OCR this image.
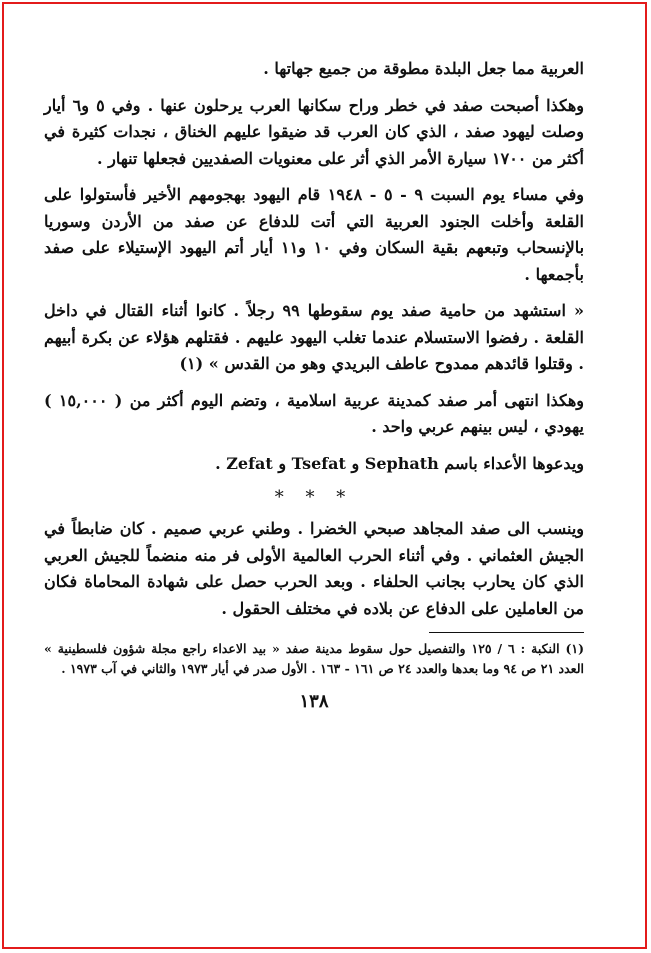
العربية مما جعل البلدة مطوقة من جميع جهاتها .

وهكذا أصبحت صفد في خطر وراح سكانها العرب يرحلون عنها . وفي ٥ و٦ أيار وصلت ليهود صفد ، الذي كان العرب قد ضيقوا عليهم الخناق ، نجدات كثيرة في أكثر من ١٧٠٠ سيارة الأمر الذي أثر على معنويات الصفديين فجعلها تنهار .

وفي مساء يوم السبت ٩ - ٥ - ١٩٤٨ قام اليهود بهجومهم الأخير فأستولوا على القلعة وأخلت الجنود العربية التي أتت للدفاع عن صفد من الأردن وسوريا بالإنسحاب وتبعهم بقية السكان وفي ١٠ و١١ أيار أتم اليهود الإستيلاء على صفد بأجمعها .

« استشهد من حامية صفد يوم سقوطها ٩٩ رجلاً . كانوا أثناء القتال في داخل القلعة . رفضوا الاستسلام عندما تغلب اليهود عليهم . فقتلهم هؤلاء عن بكرة أبيهم . وقتلوا قائدهم ممدوح عاطف البريدي وهو من القدس » (١)

وهكذا انتهى أمر صفد كمدينة عربية اسلامية ، وتضم اليوم أكثر من ( ١٥,٠٠٠ ) يهودي ، ليس بينهم عربي واحد .

ويدعوها الأعداء باسم Sephath و Tsefat و Zefat .

* * *

وينسب الى صفد المجاهد صبحي الخضرا . وطني عربي صميم . كان ضابطاً في الجيش العثماني . وفي أثناء الحرب العالمية الأولى فر منه منضماً للجيش العربي الذي كان يحارب بجانب الحلفاء . وبعد الحرب حصل على شهادة المحاماة فكان من العاملين على الدفاع عن بلاده في مختلف الحقول .

(١) النكبة : ٦ / ١٢٥ والتفصيل حول سقوط مدينة صفد « بيد الاعداء راجع مجلة شؤون فلسطينية » العدد ٢١ ص ٩٤ وما بعدها والعدد ٢٤ ص ١٦١ - ١٦٣ . الأول صدر في أيار ١٩٧٣ والثاني في آب ١٩٧٣ .

١٣٨
